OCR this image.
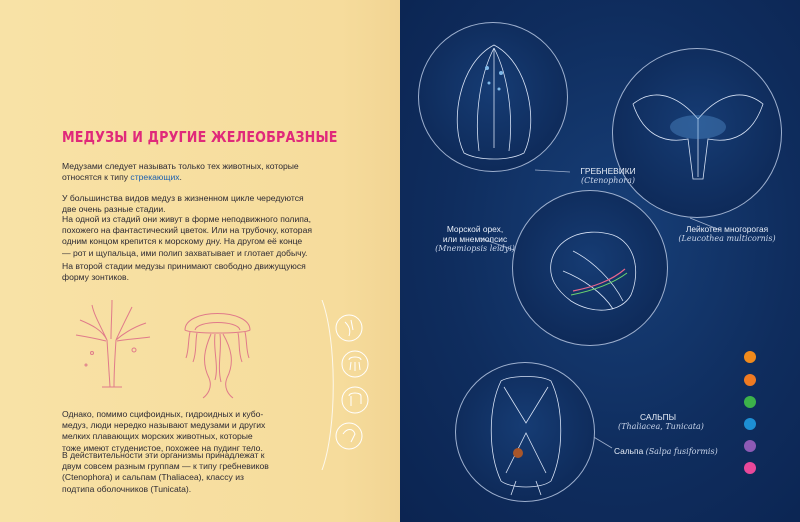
МЕДУЗЫ И ДРУГИЕ ЖЕЛЕОБРАЗНЫЕ
Медузами следует называть только тех животных, которые относятся к типу стрекающих.
У большинства видов медуз в жизненном цикле чередуются две очень разные стадии.
На одной из стадий они живут в форме неподвижного полипа, похожего на фантастический цветок. Или на трубочку, которая одним концом крепится к морскому дну. На другом её конце — рот и щупальца, ими полип захватывает и глотает добычу.
На второй стадии медузы принимают свободно движущуюся форму зонтиков.
Однако, помимо сцифоидных, гидроидных и кубо-медуз, люди нередко называют медузами и других мелких плавающих морских животных, которые тоже имеют студенистое, похожее на пудинг тело.
В действительности эти организмы принадлежат к двум совсем разным группам — к типу гребневиков (Ctenophora) и сальпам (Thaliacea), классу из подтипа оболочников (Tunicata).
ГРЕБНЕВИКИ
(Ctenophora)
Морской орех,
или мнемиопсис
(Mnemiopsis leidyi)
Лейкотея многорогая
(Leucothea multicornis)
САЛЬПЫ
(Thaliacea, Tunicata)
Сальпа (Salpa fusiformis)
